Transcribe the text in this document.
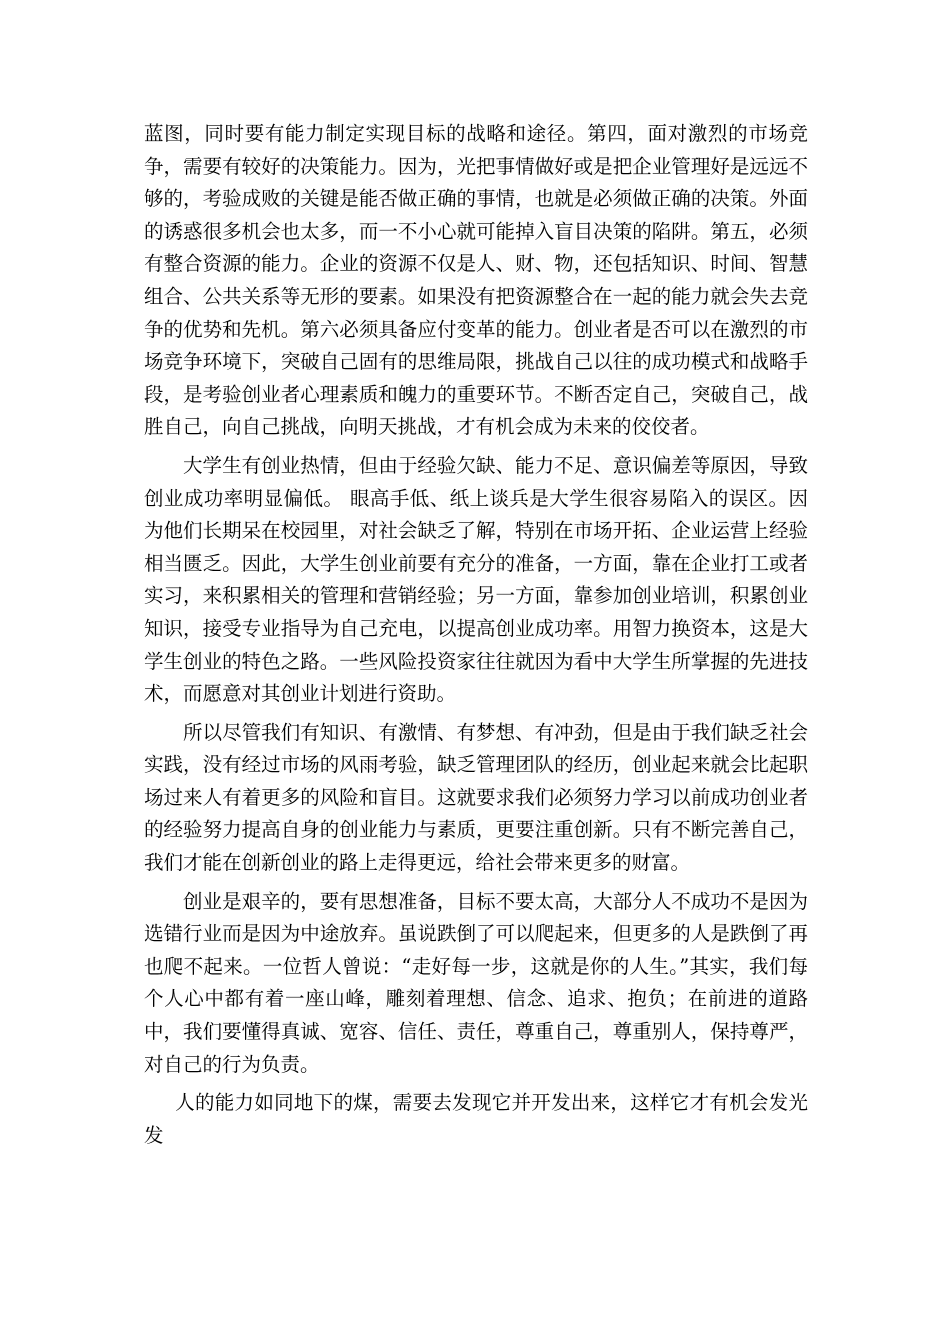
蓝图，同时要有能力制定实现目标的战略和途径。第四，面对激烈的市场竞争，需要有较好的决策能力。因为，光把事情做好或是把企业管理好是远远不够的，考验成败的关键是能否做正确的事情，也就是必须做正确的决策。外面的诱惑很多机会也太多，而一不小心就可能掉入盲目决策的陷阱。第五，必须有整合资源的能力。企业的资源不仅是人、财、物，还包括知识、时间、智慧组合、公共关系等无形的要素。如果没有把资源整合在一起的能力就会失去竞争的优势和先机。第六必须具备应付变革的能力。创业者是否可以在激烈的市场竞争环境下，突破自己固有的思维局限，挑战自己以往的成功模式和战略手段，是考验创业者心理素质和魄力的重要环节。不断否定自己，突破自己，战胜自己，向自己挑战，向明天挑战，才有机会成为未来的佼佼者。

大学生有创业热情，但由于经验欠缺、能力不足、意识偏差等原因，导致创业成功率明显偏低。 眼高手低、纸上谈兵是大学生很容易陷入的误区。因为他们长期呆在校园里，对社会缺乏了解，特别在市场开拓、企业运营上经验相当匮乏。因此，大学生创业前要有充分的准备，一方面，靠在企业打工或者实习，来积累相关的管理和营销经验；另一方面，靠参加创业培训，积累创业知识，接受专业指导为自己充电，以提高创业成功率。用智力换资本，这是大学生创业的特色之路。一些风险投资家往往就因为看中大学生所掌握的先进技术，而愿意对其创业计划进行资助。

所以尽管我们有知识、有激情、有梦想、有冲劲，但是由于我们缺乏社会实践，没有经过市场的风雨考验，缺乏管理团队的经历，创业起来就会比起职场过来人有着更多的风险和盲目。这就要求我们必须努力学习以前成功创业者的经验努力提高自身的创业能力与素质，更要注重创新。只有不断完善自己，我们才能在创新创业的路上走得更远，给社会带来更多的财富。

创业是艰辛的，要有思想准备，目标不要太高，大部分人不成功不是因为选错行业而是因为中途放弃。虽说跌倒了可以爬起来，但更多的人是跌倒了再也爬不起来。一位哲人曾说：“走好每一步，这就是你的人生。”其实，我们每个人心中都有着一座山峰，雕刻着理想、信念、追求、抱负；在前进的道路中，我们要懂得真诚、宽容、信任、责任，尊重自己，尊重别人，保持尊严，对自己的行为负责。

人的能力如同地下的煤，需要去发现它并开发出来，这样它才有机会发光发
